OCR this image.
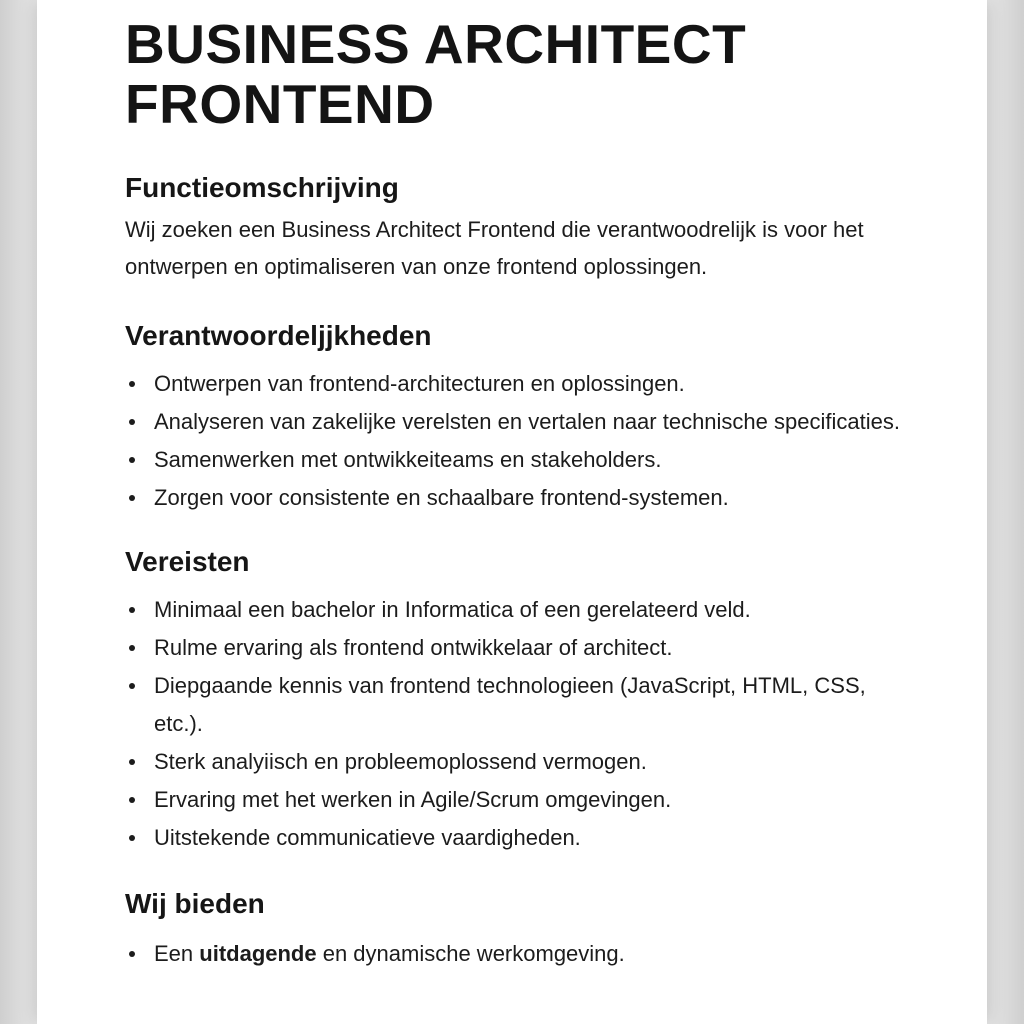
BUSINESS ARCHITECT
FRONTEND
Functieomschrijving

Wij zoeken een Business Architect Frontend die verantwoodrelijk is voor het ontwerpen en optimaliseren van onze frontend oplossingen.

Verantwoordeljjkheden
Ontwerpen van frontend-architecturen en oplossingen.
Analyseren van zakelijke verelsten en vertalen naar technische specificaties.
Samenwerken met ontwikkeiteams en stakeholders.
Zorgen voor consistente en schaalbare frontend-systemen.
Vereisten
Minimaal een bachelor in Informatica of een gerelateerd veld.
Rulme ervaring als frontend ontwikkelaar of architect.
Diepgaande kennis van frontend technologieen (JavaScript, HTML, CSS, etc.).
Sterk analyiisch en probleemoplossend vermogen.
Ervaring met het werken in Agile/Scrum omgevingen.
Uitstekende communicatieve vaardigheden.
Wij bieden
Een uitdagende en dynamische werkomgeving.
